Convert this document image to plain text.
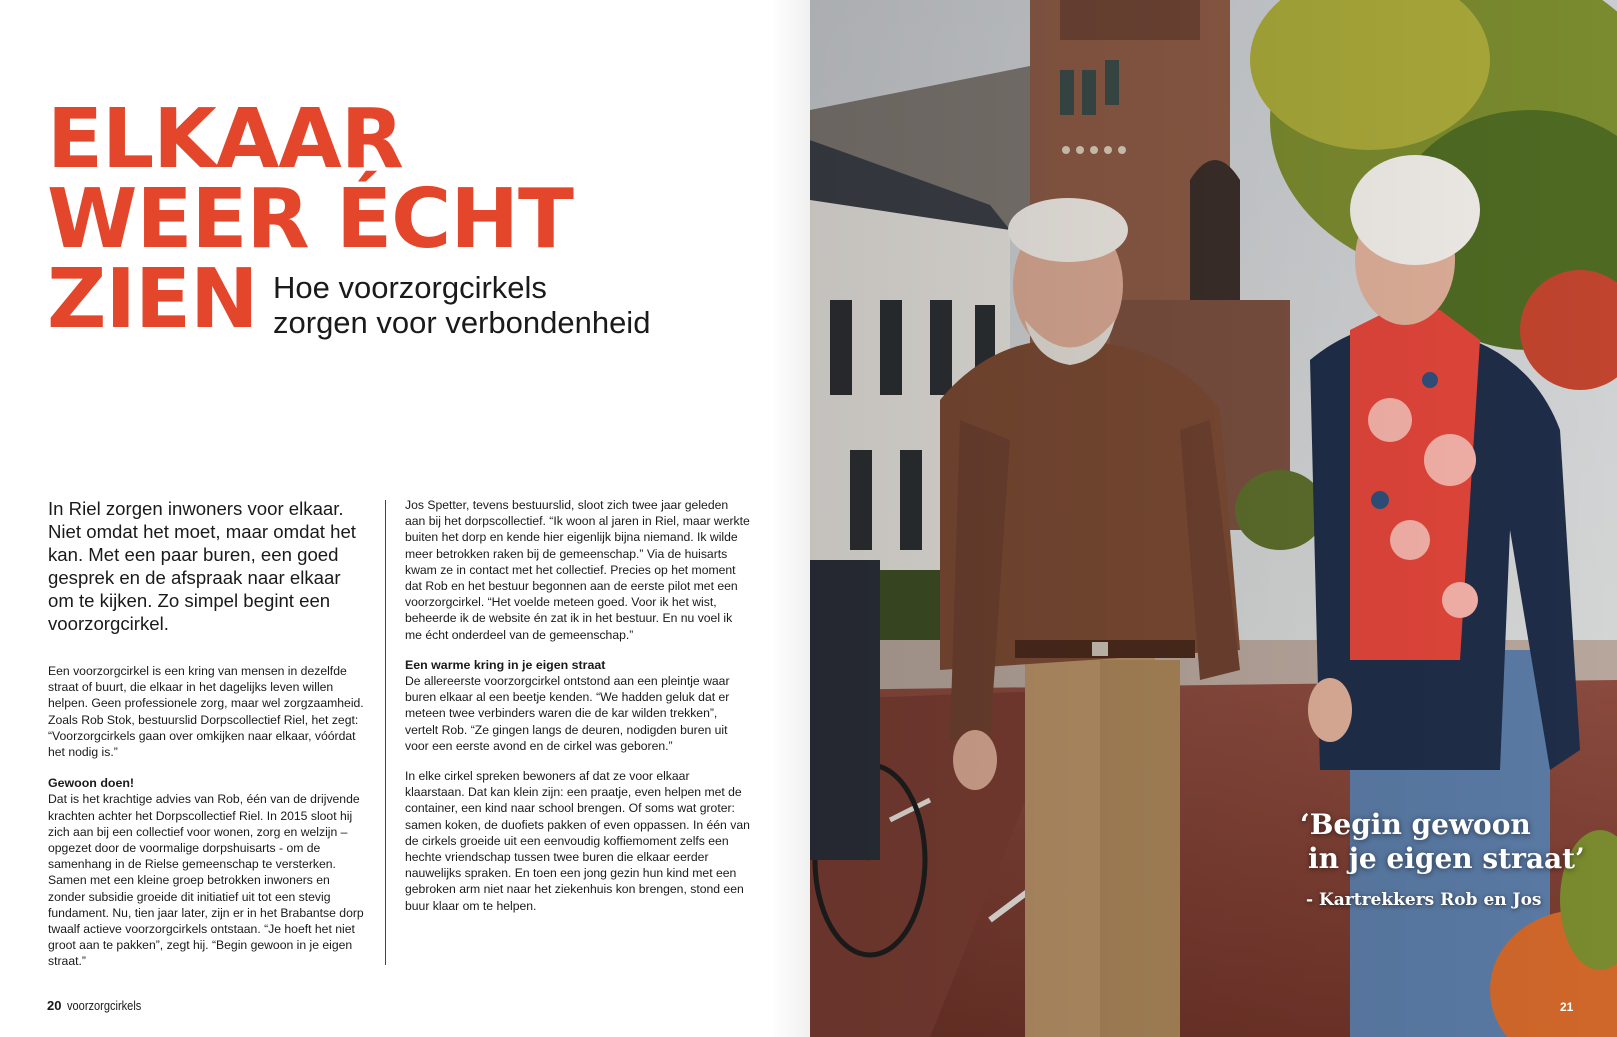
ELKAAR
WEER ÉCHT
ZIEN Hoe voorzorgcirkels
zorgen voor verbondenheid

In Riel zorgen inwoners voor elkaar. Niet omdat het moet, maar omdat het kan. Met een paar buren, een goed gesprek en de afspraak naar elkaar om te kijken. Zo simpel begint een voorzorgcirkel.

Een voorzorgcirkel is een kring van mensen in dezelfde straat of buurt, die elkaar in het dagelijks leven willen helpen. Geen professionele zorg, maar wel zorgzaamheid. Zoals Rob Stok, bestuurslid Dorpscollectief Riel, het zegt: “Voorzorgcirkels gaan over omkijken naar elkaar, vóórdat het nodig is.”

Gewoon doen!

Dat is het krachtige advies van Rob, één van de drijvende krachten achter het Dorpscollectief Riel. In 2015 sloot hij zich aan bij een collectief voor wonen, zorg en welzijn – opgezet door de voormalige dorpshuisarts - om de samenhang in de Rielse gemeenschap te versterken. Samen met een kleine groep betrokken inwoners en zonder subsidie groeide dit initiatief uit tot een stevig fundament. Nu, tien jaar later, zijn er in het Brabantse dorp twaalf actieve voorzorgcirkels ontstaan. “Je hoeft het niet groot aan te pakken”, zegt hij. “Begin gewoon in je eigen straat.”

Jos Spetter, tevens bestuurslid, sloot zich twee jaar geleden aan bij het dorpscollectief. “Ik woon al jaren in Riel, maar werkte buiten het dorp en kende hier eigenlijk bijna niemand. Ik wilde meer betrokken raken bij de gemeenschap.” Via de huisarts kwam ze in contact met het collectief. Precies op het moment dat Rob en het bestuur begonnen aan de eerste pilot met een voorzorgcirkel. “Het voelde meteen goed. Voor ik het wist, beheerde ik de website én zat ik in het bestuur. En nu voel ik me écht onderdeel van de gemeenschap.”

Een warme kring in je eigen straat

De allereerste voorzorgcirkel ontstond aan een pleintje waar buren elkaar al een beetje kenden. “We hadden geluk dat er meteen twee verbinders waren die de kar wilden trekken”, vertelt Rob. “Ze gingen langs de deuren, nodigden buren uit voor een eerste avond en de cirkel was geboren.”

In elke cirkel spreken bewoners af dat ze voor elkaar klaarstaan. Dat kan klein zijn: een praatje, even helpen met de container, een kind naar school brengen. Of soms wat groter: samen koken, de duofiets pakken of even oppassen. In één van de cirkels groeide uit een eenvoudig koffiemoment zelfs een hechte vriendschap tussen twee buren die elkaar eerder nauwelijks spraken. En toen een jong gezin hun kind met een gebroken arm niet naar het ziekenhuis kon brengen, stond een buur klaar om te helpen.

20 voorzorgcirkels

‘Begin gewoon
in je eigen straat’

- Kartrekkers Rob en Jos

21
